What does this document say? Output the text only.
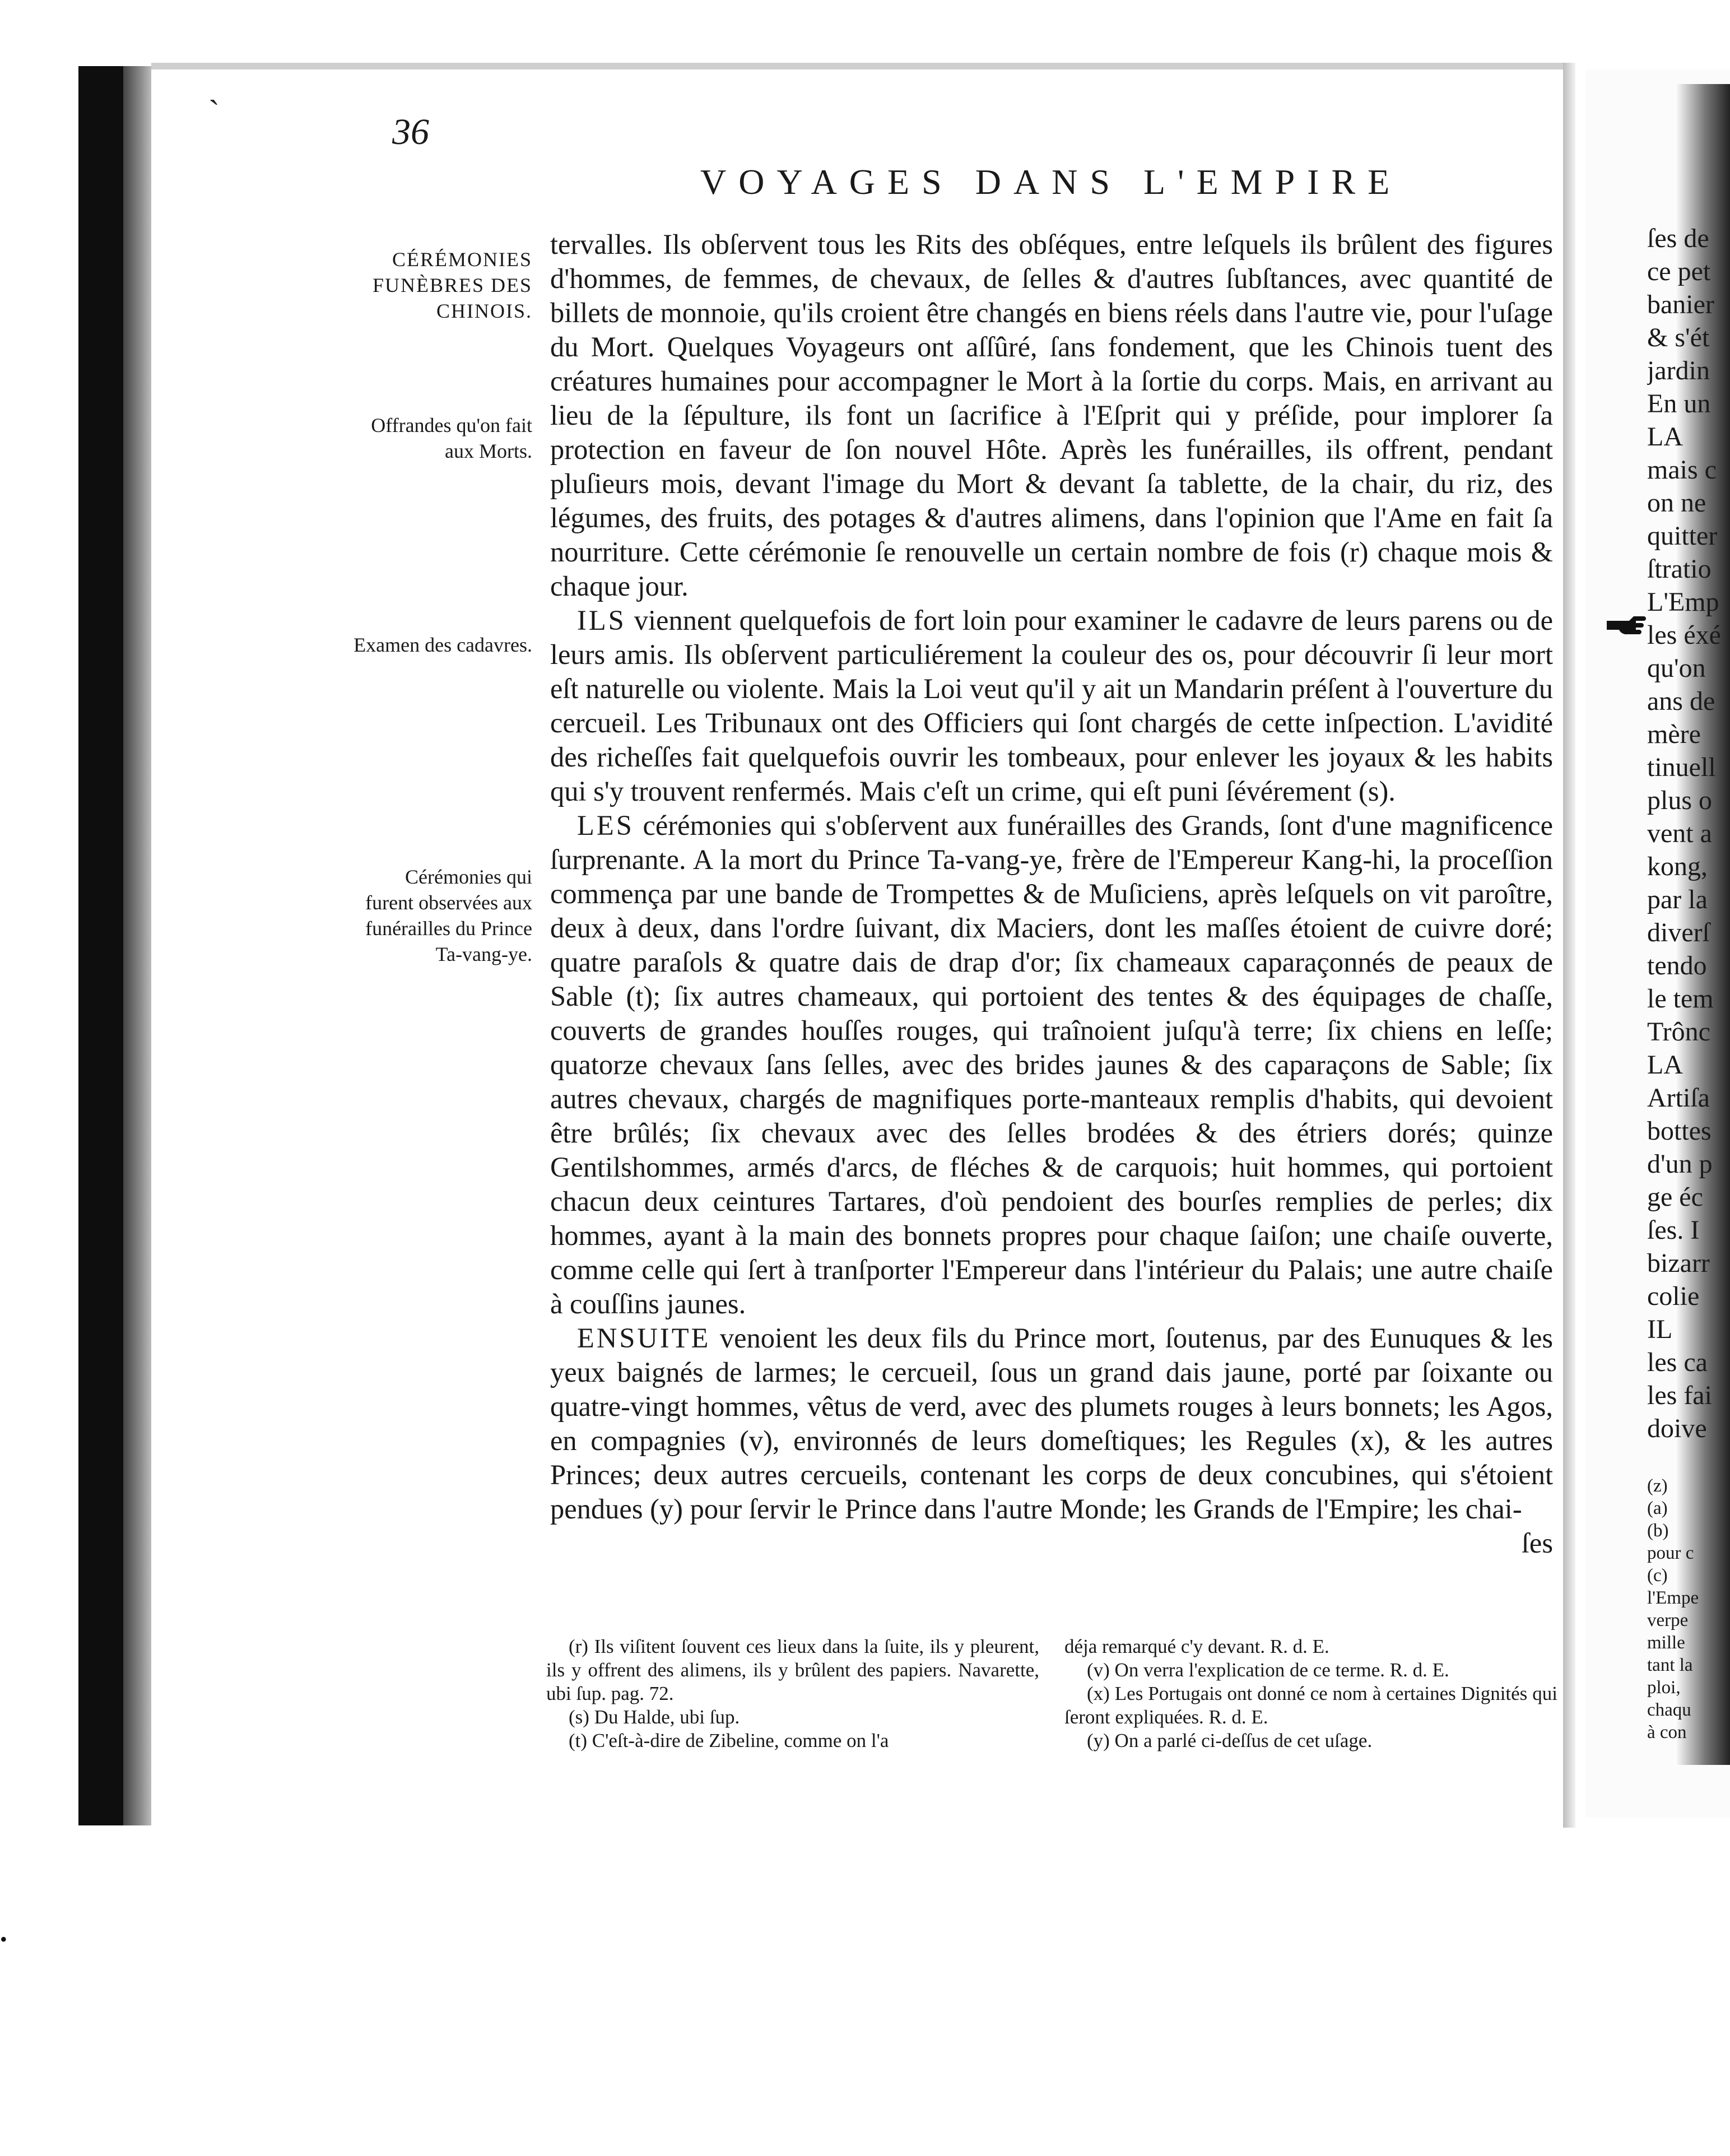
`
•
36
VOYAGES DANS L'EMPIRE
CÉRÉMONIES FUNÈBRES DES CHINOIS.
Offrandes qu'on fait aux Morts.
Examen des cadavres.
Cérémonies qui furent observées aux funérailles du Prince Ta-vang-ye.

tervalles. Ils obſervent tous les Rits des obſéques, entre leſquels ils brûlent des figures d'hommes, de femmes, de chevaux, de ſelles & d'autres ſubſtances, avec quantité de billets de monnoie, qu'ils croient être changés en biens réels dans l'autre vie, pour l'uſage du Mort. Quelques Voyageurs ont aſſûré, ſans fondement, que les Chinois tuent des créatures humaines pour accompagner le Mort à la ſortie du corps. Mais, en arrivant au lieu de la ſépulture, ils font un ſacrifice à l'Eſprit qui y préſide, pour implorer ſa protection en faveur de ſon nouvel Hôte. Après les funérailles, ils offrent, pendant pluſieurs mois, devant l'image du Mort & devant ſa tablette, de la chair, du riz, des légumes, des fruits, des potages & d'autres alimens, dans l'opinion que l'Ame en fait ſa nourriture. Cette cérémonie ſe renouvelle un certain nombre de fois (r) chaque mois & chaque jour.

ILS viennent quelquefois de fort loin pour examiner le cadavre de leurs parens ou de leurs amis. Ils obſervent particuliérement la couleur des os, pour découvrir ſi leur mort eſt naturelle ou violente. Mais la Loi veut qu'il y ait un Mandarin préſent à l'ouverture du cercueil. Les Tribunaux ont des Officiers qui ſont chargés de cette inſpection. L'avidité des richeſſes fait quelquefois ouvrir les tombeaux, pour enlever les joyaux & les habits qui s'y trouvent renfermés. Mais c'eſt un crime, qui eſt puni ſévérement (s).

LES cérémonies qui s'obſervent aux funérailles des Grands, ſont d'une magnificence ſurprenante. A la mort du Prince Ta-vang-ye, frère de l'Empereur Kang-hi, la proceſſion commença par une bande de Trompettes & de Muſiciens, après leſquels on vit paroître, deux à deux, dans l'ordre ſuivant, dix Maciers, dont les maſſes étoient de cuivre doré; quatre paraſols & quatre dais de drap d'or; ſix chameaux caparaçonnés de peaux de Sable (t); ſix autres chameaux, qui portoient des tentes & des équipages de chaſſe, couverts de grandes houſſes rouges, qui traînoient juſqu'à terre; ſix chiens en leſſe; quatorze chevaux ſans ſelles, avec des brides jaunes & des caparaçons de Sable; ſix autres chevaux, chargés de magnifiques porte-manteaux remplis d'habits, qui devoient être brûlés; ſix chevaux avec des ſelles brodées & des étriers dorés; quinze Gentilshommes, armés d'arcs, de fléches & de carquois; huit hommes, qui portoient chacun deux ceintures Tartares, d'où pendoient des bourſes remplies de perles; dix hommes, ayant à la main des bonnets propres pour chaque ſaiſon; une chaiſe ouverte, comme celle qui ſert à tranſporter l'Empereur dans l'intérieur du Palais; une autre chaiſe à couſſins jaunes.

ENSUITE venoient les deux fils du Prince mort, ſoutenus, par des Eunuques & les yeux baignés de larmes; le cercueil, ſous un grand dais jaune, porté par ſoixante ou quatre-vingt hommes, vêtus de verd, avec des plumets rouges à leurs bonnets; les Agos, en compagnies (v), environnés de leurs domeſtiques; les Regules (x), & les autres Princes; deux autres cercueils, contenant les corps de deux concubines, qui s'étoient pendues (y) pour ſervir le Prince dans l'autre Monde; les Grands de l'Empire; les chai-

ſes

(r) Ils viſitent ſouvent ces lieux dans la ſuite, ils y pleurent, ils y offrent des alimens, ils y brûlent des papiers. Navarette, ubi ſup. pag. 72.

(s) Du Halde, ubi ſup.

(t) C'eſt-à-dire de Zibeline, comme on l'a

déja remarqué c'y devant. R. d. E.

(v) On verra l'explication de ce terme. R. d. E.

(x) Les Portugais ont donné ce nom à certaines Dignités qui ſeront expliquées. R. d. E.

(y) On a parlé ci-deſſus de cet uſage.

ſes de
ce pet
banier
& s'ét
jardin
En un
LA
mais c
on ne
quitter
ſtratio
L'Emp
les éxé
qu'on
ans de
mère
tinuell
plus o
vent a
kong,
par la
diverſ
tendo
le tem
Trônc
LA
Artiſa
bottes
d'un p
ge éc
ſes. I
bizarr
colie
IL
les ca
les fai
doive
(z)
(a)
(b)
pour c
(c)
l'Empe
verpe
mille
tant la
ploi,
chaqu
à con
